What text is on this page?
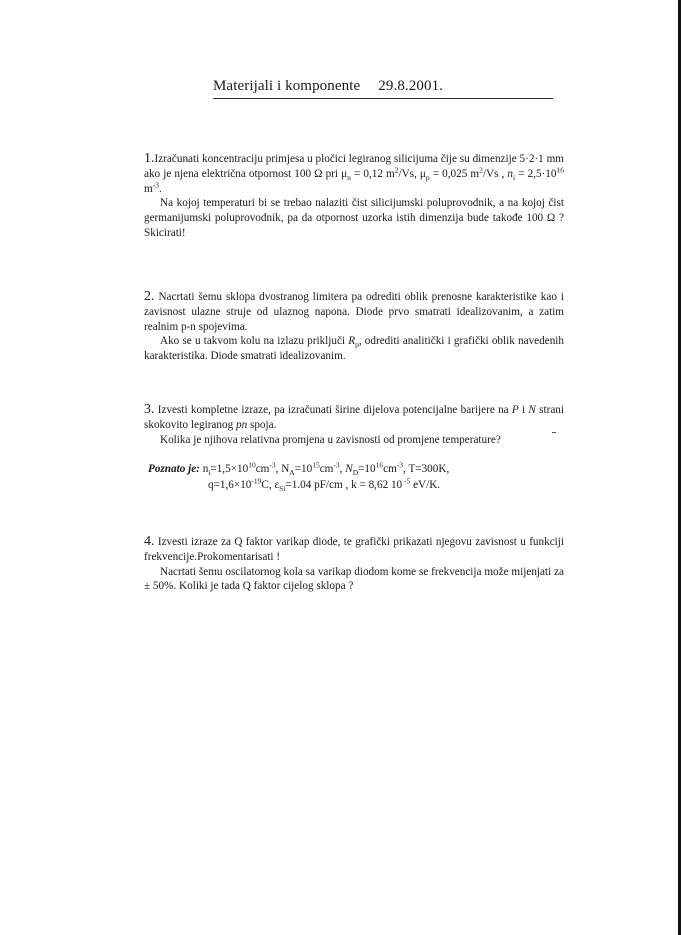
Materijali i komponente 29.8.2001.

1.Izračunati koncentraciju primjesa u pločici legiranog silicijuma čije su dimenzije 5·2·1 mm ako je njena električna otpornost 100 Ω pri $\mu_n = 0,12$ $m^2/Vs$, $\mu_p = 0,025$ $m^2/Vs$ , $n_i = 2,5\cdot 10^{16}$ $m^{-3}$.

Na kojoj temperaturi bi se trebao nalaziti čist silicijumski poluprovodnik, a na kojoj čist germanijumski poluprovodnik, pa da otpornost uzorka istih dimenzija bude takođe 100 Ω ? Skicirati!

2. Nacrtati šemu sklopa dvostranog limitera pa odrediti oblik prenosne karakteristike kao i zavisnost ulazne struje od ulaznog napona. Diode prvo smatrati idealizovanim, a zatim realnim p-n spojevima.

Ako se u takvom kolu na izlazu priključi $R_p$, odrediti analitički i grafički oblik navedenih karakteristika. Diode smatrati idealizovanim.

3. Izvesti kompletne izraze, pa izračunati širine dijelova potencijalne barijere na P i N strani skokovito legiranog pn spoja.

Kolika je njihova relativna promjena u zavisnosti od promjene temperature?

Poznato je: $n_i=1,5\times 10^{10}cm^{-3}$, $N_A=10^{15}cm^{-3}$, $N_D=10^{16}cm^{-3}$, T=300K,
$q=1,6\times 10^{-19}C$, $\varepsilon_{Si}=1.04$ pF/cm , k = 8,62 10 $^{-5}$ eV/K.

4. Izvesti izraze za Q faktor varikap diode, te grafički prikazati njegovu zavisnost u funkciji frekvencije.Prokomentarisati !

Nacrtati šemu oscilatornog kola sa varikap diodom kome se frekvencija može mijenjati za ± 50%. Koliki je tada Q faktor cijelog sklopa ?
